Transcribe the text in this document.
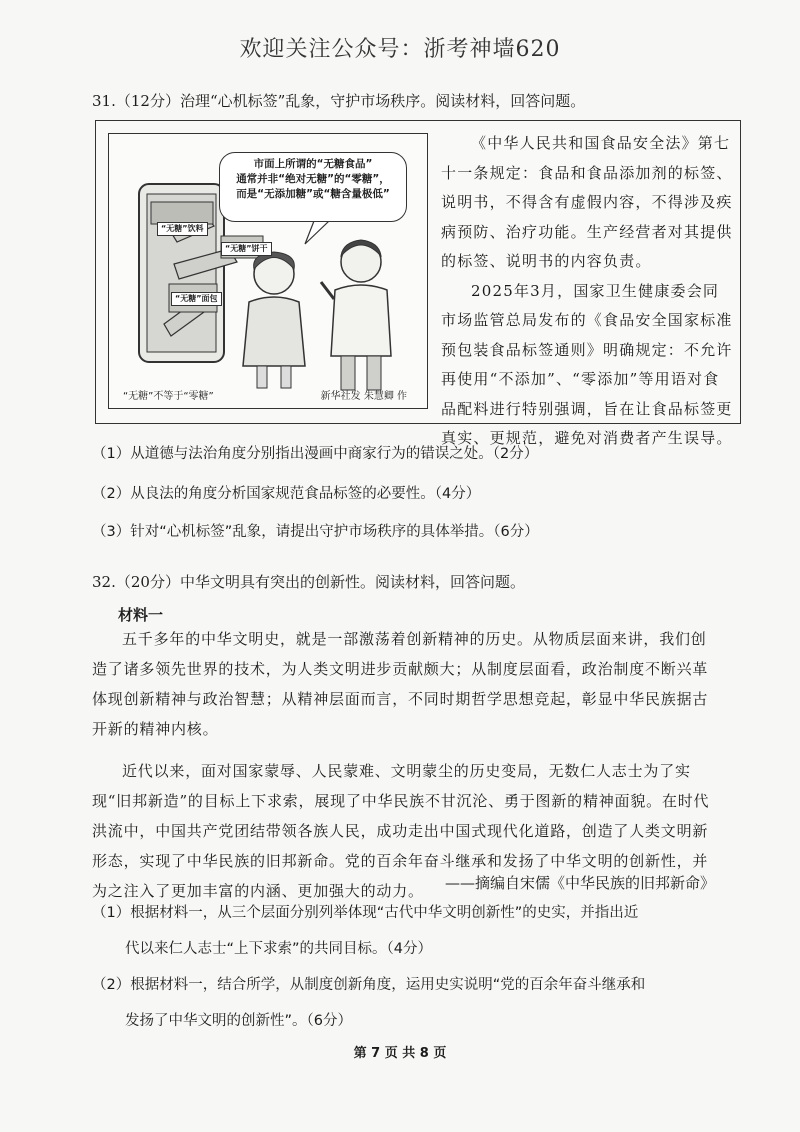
欢迎关注公众号：浙考神墙620
31.（12分）治理“心机标签”乱象，守护市场秩序。阅读材料，回答问题。
市面上所谓的“无糖食品”
通常并非“绝对无糖”的“零糖”，
而是“无添加糖”或“糖含量极低”
“无糖”饮料
“无糖”饼干
“无糖”面包
“无糖”不等于“零糖”	新华社发 朱慧卿 作

《中华人民共和国食品安全法》第七十一条规定：食品和食品添加剂的标签、说明书，不得含有虚假内容，不得涉及疾病预防、治疗功能。生产经营者对其提供的标签、说明书的内容负责。

2025年3月，国家卫生健康委会同市场监管总局发布的《食品安全国家标准 预包装食品标签通则》明确规定：不允许再使用“不添加”、“零添加”等用语对食品配料进行特别强调，旨在让食品标签更真实、更规范，避免对消费者产生误导。

（1）从道德与法治角度分别指出漫画中商家行为的错误之处。（2分）
（2）从良法的角度分析国家规范食品标签的必要性。（4分）
（3）针对“心机标签”乱象，请提出守护市场秩序的具体举措。（6分）
32.（20分）中华文明具有突出的创新性。阅读材料，回答问题。
材料一

五千多年的中华文明史，就是一部激荡着创新精神的历史。从物质层面来讲，我们创造了诸多领先世界的技术，为人类文明进步贡献颇大；从制度层面看，政治制度不断兴革体现创新精神与政治智慧；从精神层面而言，不同时期哲学思想竞起，彰显中华民族据古开新的精神内核。

近代以来，面对国家蒙辱、人民蒙难、文明蒙尘的历史变局，无数仁人志士为了实现“旧邦新造”的目标上下求索，展现了中华民族不甘沉沦、勇于图新的精神面貌。在时代洪流中，中国共产党团结带领各族人民，成功走出中国式现代化道路，创造了人类文明新形态，实现了中华民族的旧邦新命。党的百余年奋斗继承和发扬了中华文明的创新性，并为之注入了更加丰富的内涵、更加强大的动力。	——摘编自宋儒《中华民族的旧邦新命》
（1）根据材料一，从三个层面分别列举体现“古代中华文明创新性”的史实，并指出近
代以来仁人志士“上下求索”的共同目标。（4分）
（2）根据材料一，结合所学，从制度创新角度，运用史实说明“党的百余年奋斗继承和
发扬了中华文明的创新性”。（6分）
第 7 页 共 8 页
